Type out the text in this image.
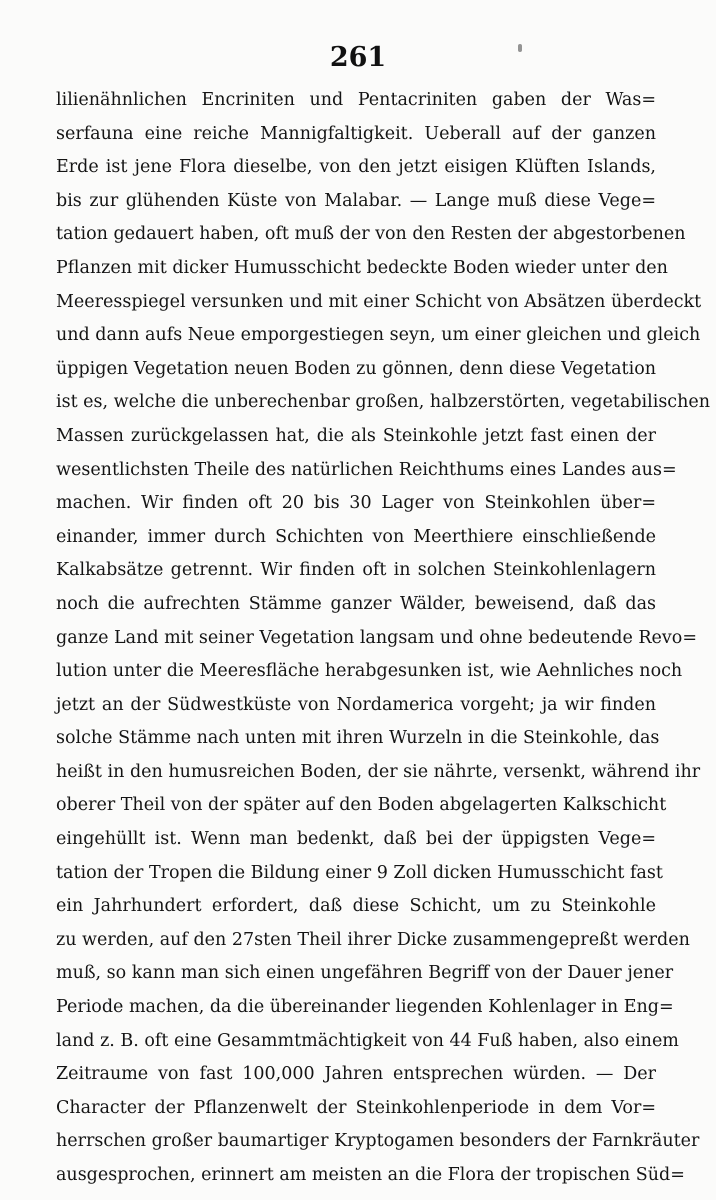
261
lilienähnlichen Encriniten und Pentacriniten gaben der Was=
serfauna eine reiche Mannigfaltigkeit. Ueberall auf der ganzen
Erde ist jene Flora dieselbe, von den jetzt eisigen Klüften Islands,
bis zur glühenden Küste von Malabar. — Lange muß diese Vege=
tation gedauert haben, oft muß der von den Resten der abgestorbenen
Pflanzen mit dicker Humusschicht bedeckte Boden wieder unter den
Meeresspiegel versunken und mit einer Schicht von Absätzen überdeckt
und dann aufs Neue emporgestiegen seyn, um einer gleichen und gleich
üppigen Vegetation neuen Boden zu gönnen, denn diese Vegetation
ist es, welche die unberechenbar großen, halbzerstörten, vegetabilischen
Massen zurückgelassen hat, die als Steinkohle jetzt fast einen der
wesentlichsten Theile des natürlichen Reichthums eines Landes aus=
machen. Wir finden oft 20 bis 30 Lager von Steinkohlen über=
einander, immer durch Schichten von Meerthiere einschließende
Kalkabsätze getrennt. Wir finden oft in solchen Steinkohlenlagern
noch die aufrechten Stämme ganzer Wälder, beweisend, daß das
ganze Land mit seiner Vegetation langsam und ohne bedeutende Revo=
lution unter die Meeresfläche herabgesunken ist, wie Aehnliches noch
jetzt an der Südwestküste von Nordamerica vorgeht; ja wir finden
solche Stämme nach unten mit ihren Wurzeln in die Steinkohle, das
heißt in den humusreichen Boden, der sie nährte, versenkt, während ihr
oberer Theil von der später auf den Boden abgelagerten Kalkschicht
eingehüllt ist. Wenn man bedenkt, daß bei der üppigsten Vege=
tation der Tropen die Bildung einer 9 Zoll dicken Humusschicht fast
ein Jahrhundert erfordert, daß diese Schicht, um zu Steinkohle
zu werden, auf den 27sten Theil ihrer Dicke zusammengepreßt werden
muß, so kann man sich einen ungefähren Begriff von der Dauer jener
Periode machen, da die übereinander liegenden Kohlenlager in Eng=
land z. B. oft eine Gesammtmächtigkeit von 44 Fuß haben, also einem
Zeitraume von fast 100,000 Jahren entsprechen würden. — Der
Character der Pflanzenwelt der Steinkohlenperiode in dem Vor=
herrschen großer baumartiger Kryptogamen besonders der Farnkräuter
ausgesprochen, erinnert am meisten an die Flora der tropischen Süd=
